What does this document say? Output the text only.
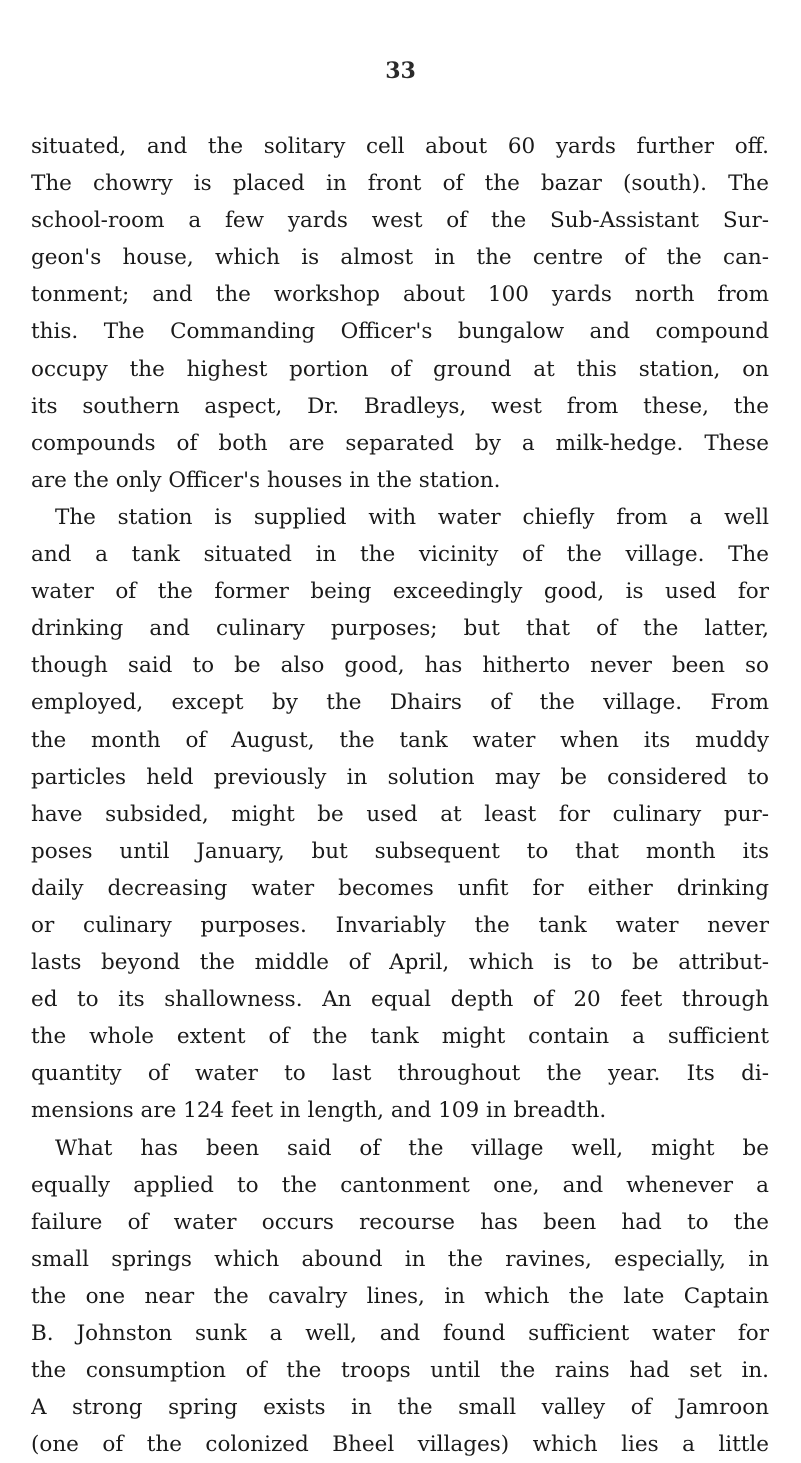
33
situated, and the solitary cell about 60 yards further off.
The chowry is placed in front of the bazar (south). The
school-room a few yards west of the Sub-Assistant Sur-
geon's house, which is almost in the centre of the can-
tonment; and the workshop about 100 yards north from
this. The Commanding Officer's bungalow and compound
occupy the highest portion of ground at this station, on
its southern aspect, Dr. Bradleys, west from these, the
compounds of both are separated by a milk-hedge. These
are the only Officer's houses in the station.
The station is supplied with water chiefly from a well
and a tank situated in the vicinity of the village. The
water of the former being exceedingly good, is used for
drinking and culinary purposes; but that of the latter,
though said to be also good, has hitherto never been so
employed, except by the Dhairs of the village. From
the month of August, the tank water when its muddy
particles held previously in solution may be considered to
have subsided, might be used at least for culinary pur-
poses until January, but subsequent to that month its
daily decreasing water becomes unfit for either drinking
or culinary purposes. Invariably the tank water never
lasts beyond the middle of April, which is to be attribut-
ed to its shallowness. An equal depth of 20 feet through
the whole extent of the tank might contain a sufficient
quantity of water to last throughout the year. Its di-
mensions are 124 feet in length, and 109 in breadth.
What has been said of the village well, might be
equally applied to the cantonment one, and whenever a
failure of water occurs recourse has been had to the
small springs which abound in the ravines, especially, in
the one near the cavalry lines, in which the late Captain
B. Johnston sunk a well, and found sufficient water for
the consumption of the troops until the rains had set in.
A strong spring exists in the small valley of Jamroon
(one of the colonized Bheel villages) which lies a little
